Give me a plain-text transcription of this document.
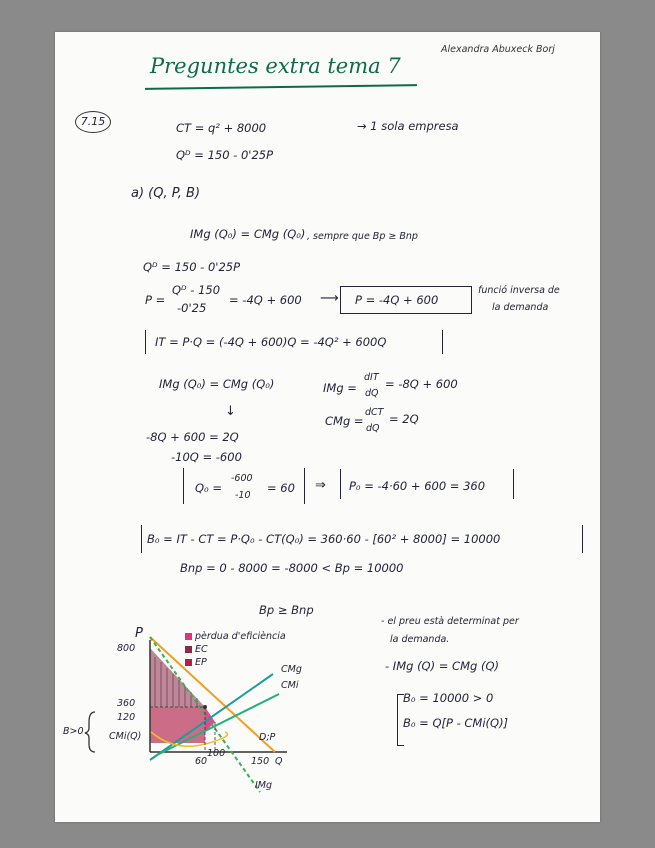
Alexandra Abuxeck Borj
Preguntes extra tema 7
7.15	CT = q² + 8000	→ 1 sola empresa
Qᴰ = 150 - 0'25P
a) (Q, P, B)
IMg (Q₀) = CMg (Q₀) , sempre que Bp ≥ Bnp
Qᴰ = 150 - 0'25P
P =
Qᴰ - 150
-0'25
= -4Q + 600 ⟶ P = -4Q + 600
funció inversa de
la demanda
IT = P·Q = (-4Q + 600)Q = -4Q² + 600Q
IMg (Q₀) = CMg (Q₀)	IMg =
dIT
dQ
= -8Q + 600
CMg =
dCT
dQ
= 2Q
↓
-8Q + 600 = 2Q
-10Q = -600
Q₀ =
-600
-10
= 60 ⇒ P₀ = -4·60 + 600 = 360
B₀ = IT - CT = P·Q₀ - CT(Q₀) = 360·60 - [60² + 8000] = 10000
Bnp = 0 - 8000 = -8000 < Bp = 10000
- el preu està determinat per
la demanda.
- IMg (Q) = CMg (Q)
B₀ = 10000 > 0
B₀ = Q[P - CMi(Q)]
Bp ≥ Bnp
P
800
360
120
CMi(Q)
B>0
60
100
150 Q
CMg
CMi
D;P
IMg
pèrdua d'eficiència
EC
EP
